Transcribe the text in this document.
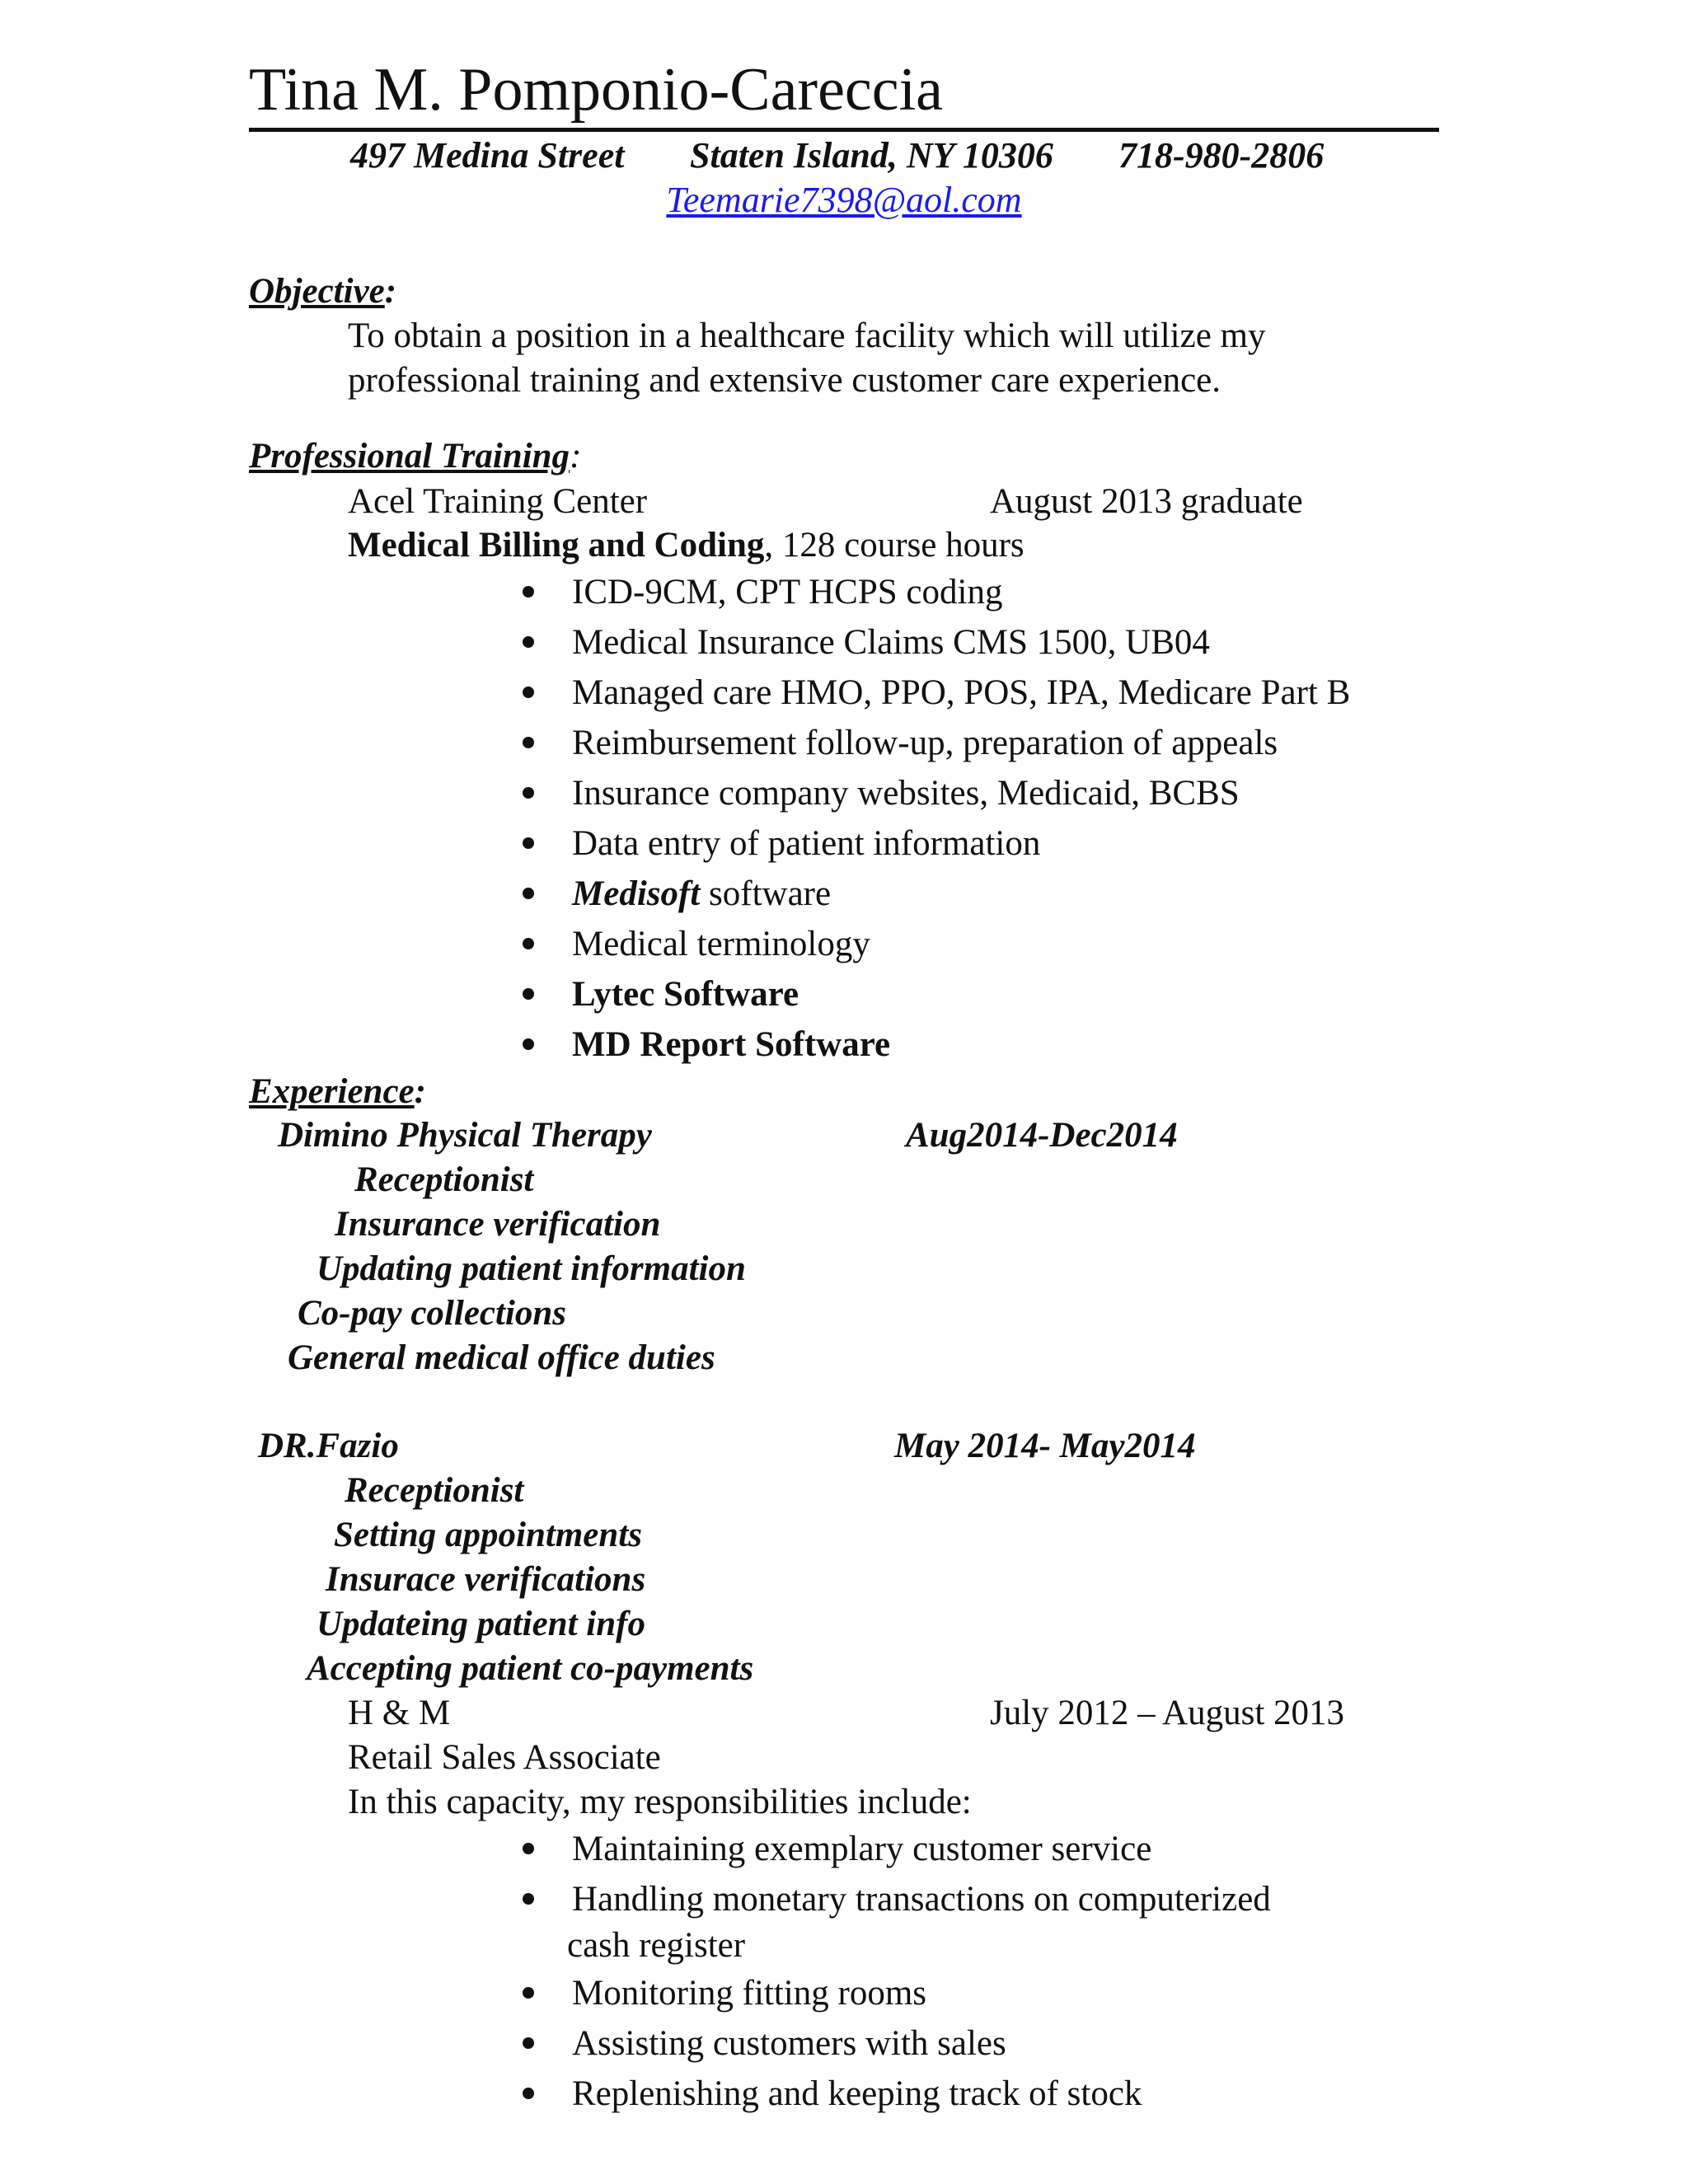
Tina M. Pomponio-Careccia
497 Medina Street Staten Island, NY 10306 718-980-2806
Teemarie7398@aol.com
Objective:
To obtain a position in a healthcare facility which will utilize my
professional training and extensive customer care experience.
Professional Training:
Acel Training Center	August 2013 graduate
Medical Billing and Coding, 128 course hours
ICD-9CM, CPT HCPS coding
Medical Insurance Claims CMS 1500, UB04
Managed care HMO, PPO, POS, IPA, Medicare Part B
Reimbursement follow-up, preparation of appeals
Insurance company websites, Medicaid, BCBS
Data entry of patient information
Medisoft software
Medical terminology
Lytec Software
MD Report Software
Experience:
Dimino Physical Therapy	Aug2014-Dec2014
Receptionist
Insurance verification
Updating patient information
Co-pay collections
General medical office duties
DR.Fazio	May 2014- May2014
Receptionist
Setting appointments
Insurace verifications
Updateing patient info
Accepting patient co-payments
H & M	July 2012 – August 2013
Retail Sales Associate
In this capacity, my responsibilities include:
Maintaining exemplary customer service
Handling monetary transactions on computerized
cash register
Monitoring fitting rooms
Assisting customers with sales
Replenishing and keeping track of stock
